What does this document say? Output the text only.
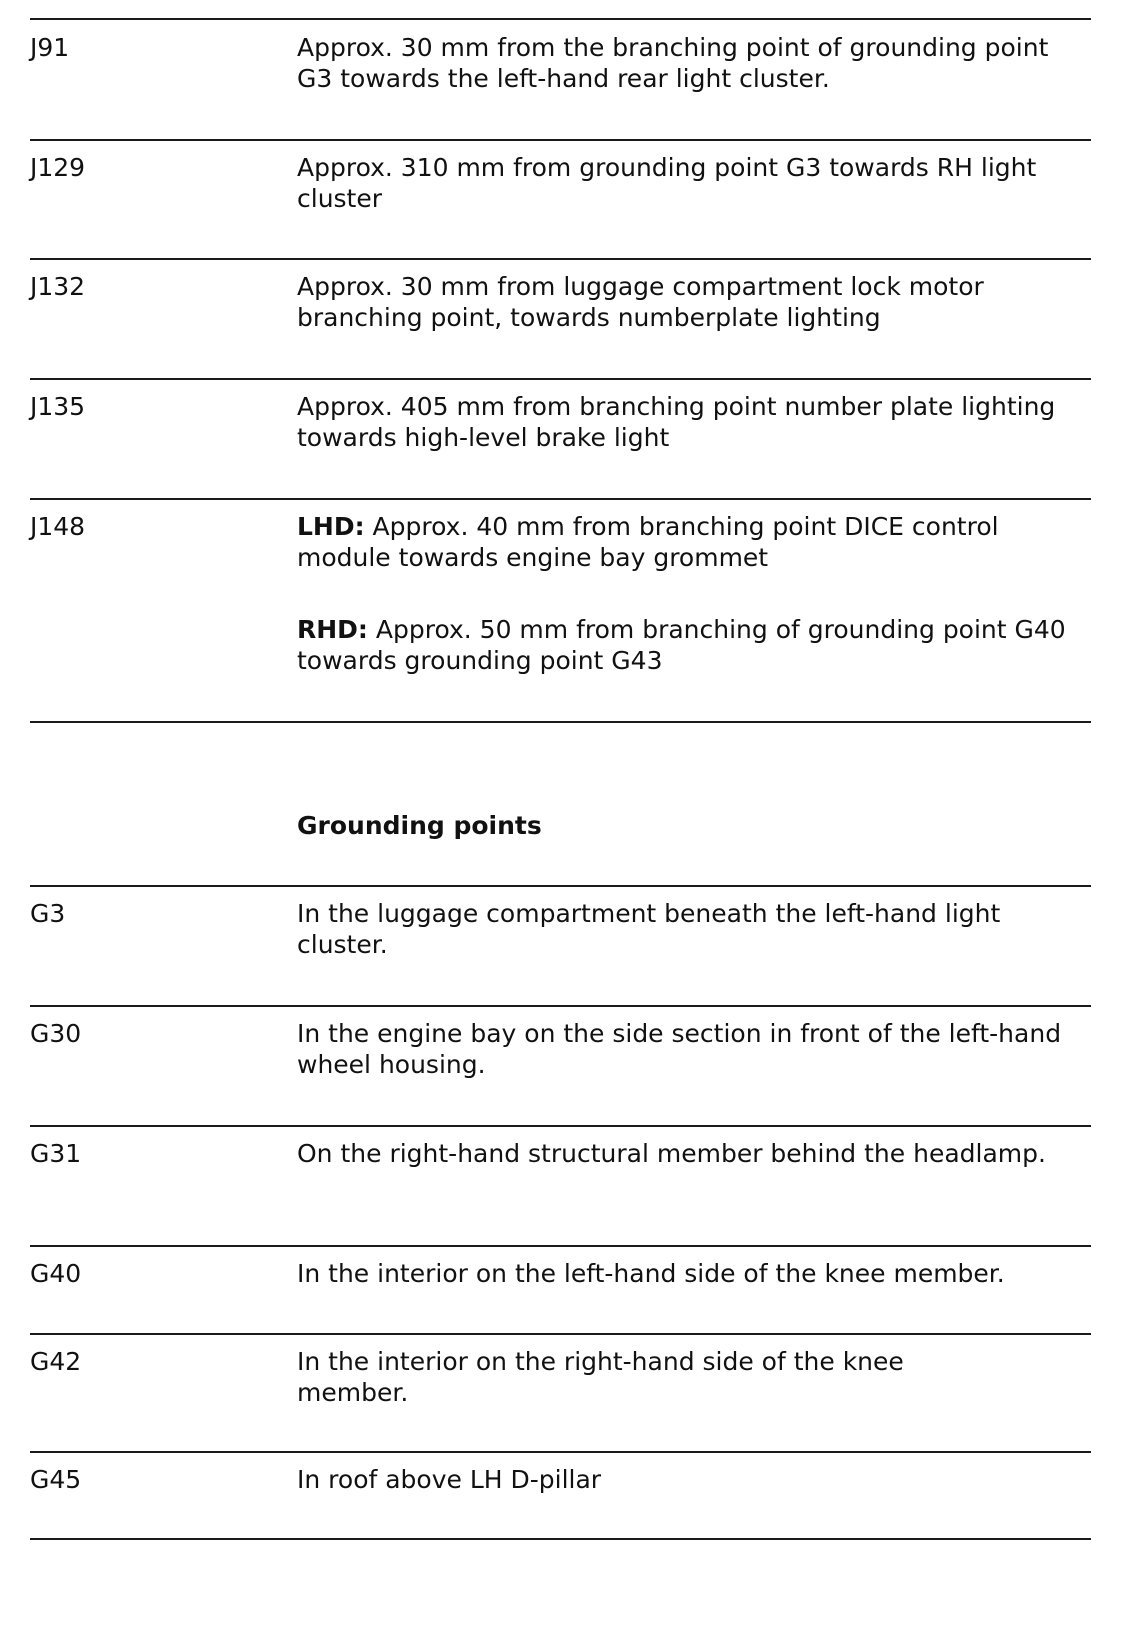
J91	Approx. 30 mm from the branching point of grounding point G3 towards the left-hand rear light cluster.
J129	Approx. 310 mm from grounding point G3 towards RH light cluster
J132	Approx. 30 mm from luggage compartment lock motor branching point, towards numberplate lighting
J135	Approx. 405 mm from branching point number plate lighting towards high-level brake light
J148	LHD: Approx. 40 mm from branching point DICE control module towards engine bay grommet
RHD: Approx. 50 mm from branching of grounding point G40 towards grounding point G43
Grounding points
G3	In the luggage compartment beneath the left-hand light cluster.
G30	In the engine bay on the side section in front of the left-hand wheel housing.
G31	On the right-hand structural member behind the headlamp.
G40	In the interior on the left-hand side of the knee member.
G42	In the interior on the right-hand side of the knee member.
G45	In roof above LH D-pillar
